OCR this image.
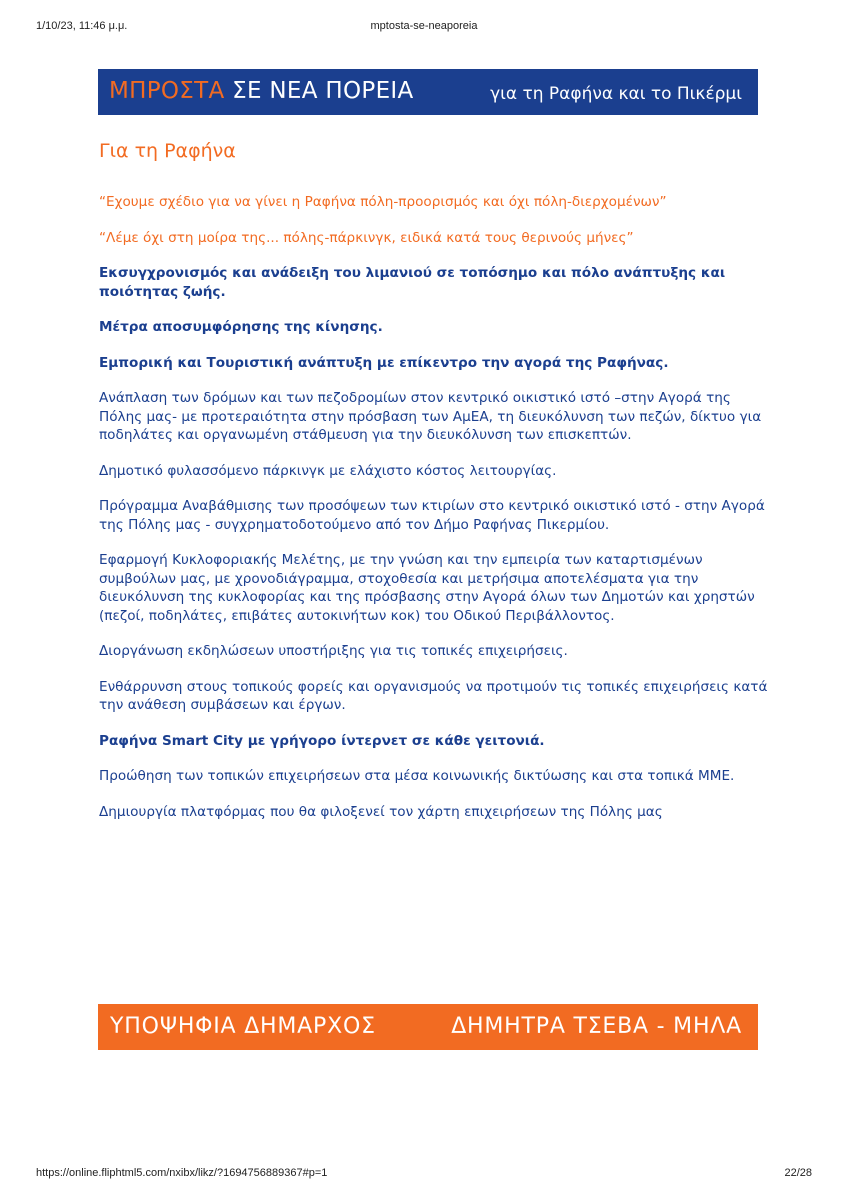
1/10/23, 11:46 μ.μ.	mptosta-se-neaporeia
ΜΠΡΟΣΤΑ ΣΕ ΝΕΑ ΠΟΡΕΙΑ	για τη Ραφήνα και το Πικέρμι
Για τη Ραφήνα

“Εχουμε σχέδιο για να γίνει η Ραφήνα πόλη-προορισμός και όχι πόλη-διερχομένων”

“Λέμε όχι στη μοίρα της... πόλης-πάρκινγκ, ειδικά κατά τους θερινούς μήνες”

Εκσυγχρονισμός και ανάδειξη του λιμανιού σε τοπόσημο και πόλο ανάπτυξης και ποιότητας ζωής.

Μέτρα αποσυμφόρησης της κίνησης.

Εμπορική και Τουριστική ανάπτυξη με επίκεντρο την αγορά της Ραφήνας.

Ανάπλαση των δρόμων και των πεζοδρομίων στον κεντρικό οικιστικό ιστό –στην Αγορά της Πόλης μας- με προτεραιότητα στην πρόσβαση των ΑμΕΑ, τη διευκόλυνση των πεζών, δίκτυο για ποδηλάτες και οργανωμένη στάθμευση για την διευκόλυνση των επισκεπτών.

Δημοτικό φυλασσόμενο πάρκινγκ με ελάχιστο κόστος λειτουργίας.

Πρόγραμμα Αναβάθμισης των προσόψεων των κτιρίων στο κεντρικό οικιστικό ιστό - στην Αγορά της Πόλης μας - συγχρηματοδοτούμενο από τον Δήμο Ραφήνας Πικερμίου.

Εφαρμογή Κυκλοφοριακής Μελέτης, με την γνώση και την εμπειρία των καταρτισμένων συμβούλων μας, με χρονοδιάγραμμα, στοχοθεσία και μετρήσιμα αποτελέσματα για την διευκόλυνση της κυκλοφορίας και της πρόσβασης στην Αγορά όλων των Δημοτών και χρηστών (πεζοί, ποδηλάτες, επιβάτες αυτοκινήτων κοκ) του Οδικού Περιβάλλοντος.

Διοργάνωση εκδηλώσεων υποστήριξης για τις τοπικές επιχειρήσεις.

Ενθάρρυνση στους τοπικούς φορείς και οργανισμούς να προτιμούν τις τοπικές επιχειρήσεις κατά την ανάθεση συμβάσεων και έργων.

Ραφήνα Smart City με γρήγορο ίντερνετ σε κάθε γειτονιά.

Προώθηση των τοπικών επιχειρήσεων στα μέσα κοινωνικής δικτύωσης και στα τοπικά ΜΜΕ.

Δημιουργία πλατφόρμας που θα φιλοξενεί τον χάρτη επιχειρήσεων της Πόλης μας

ΥΠΟΨΗΦΙΑ ΔΗΜΑΡΧΟΣ	ΔΗΜΗΤΡΑ ΤΣΕΒΑ - ΜΗΛΑ
https://online.fliphtml5.com/nxibx/likz/?1694756889367#p=1	22/28
